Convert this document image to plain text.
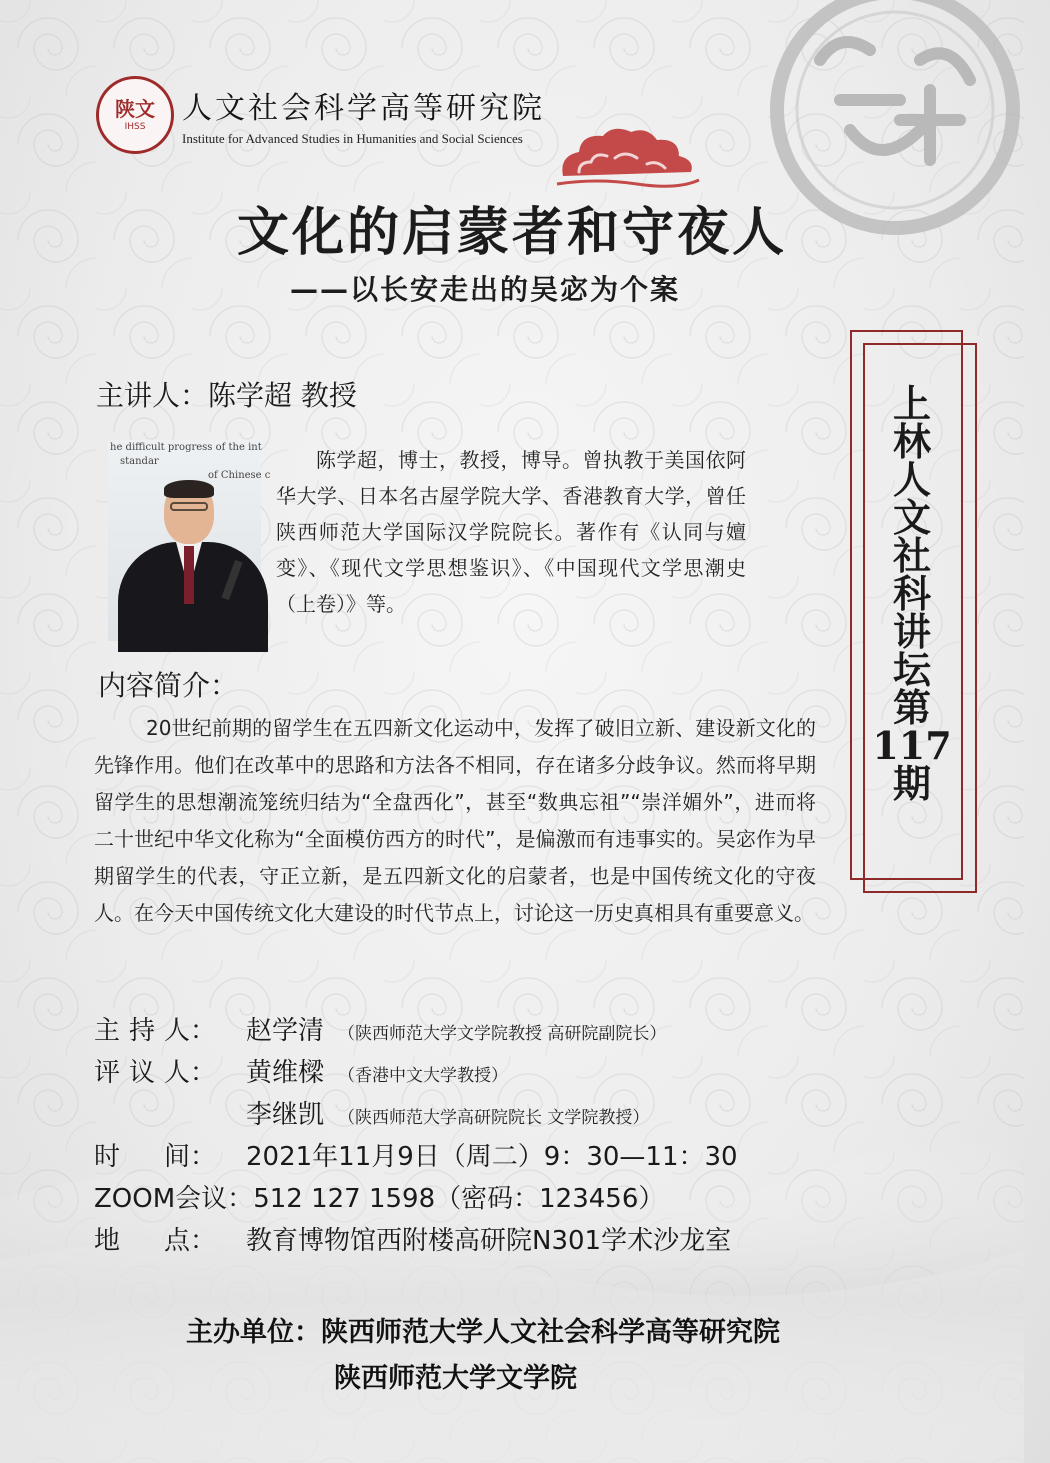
陕文
IHSS
人文社会科学高等研究院
Institute for Advanced Studies in Humanities and Social Sciences
文化的启蒙者和守夜人
——以长安走出的吴宓为个案
上
林
人
文
社
科
讲
坛
第
117
期
主讲人：陈学超 教授
he difficult progress of the int
standar
of Chinese c

陈学超，博士，教授，博导。曾执教于美国依阿华大学、日本名古屋学院大学、香港教育大学，曾任陕西师范大学国际汉学院院长。著作有《认同与嬗变》、《现代文学思想鉴识》、《中国现代文学思潮史（上卷）》等。

内容简介：

20世纪前期的留学生在五四新文化运动中，发挥了破旧立新、建设新文化的先锋作用。他们在改革中的思路和方法各不相同，存在诸多分歧争议。然而将早期留学生的思想潮流笼统归结为“全盘西化”，甚至“数典忘祖”“崇洋媚外”，进而将二十世纪中华文化称为“全面模仿西方的时代”，是偏激而有违事实的。吴宓作为早期留学生的代表，守正立新，是五四新文化的启蒙者，也是中国传统文化的守夜人。在今天中国传统文化大建设的时代节点上，讨论这一历史真相具有重要意义。

主 持 人： 赵学清 （陕西师范大学文学院教授 高研院副院长）
评 议 人： 黄维樑 （香港中文大学教授）
李继凯 （陕西师范大学高研院院长 文学院教授）
时 间： 2021年11月9日（周二）9：30—11：30
ZOOM会议：512 127 1598（密码：123456）
地 点： 教育博物馆西附楼高研院N301学术沙龙室
主办单位：陕西师范大学人文社会科学高等研究院
陕西师范大学文学院
